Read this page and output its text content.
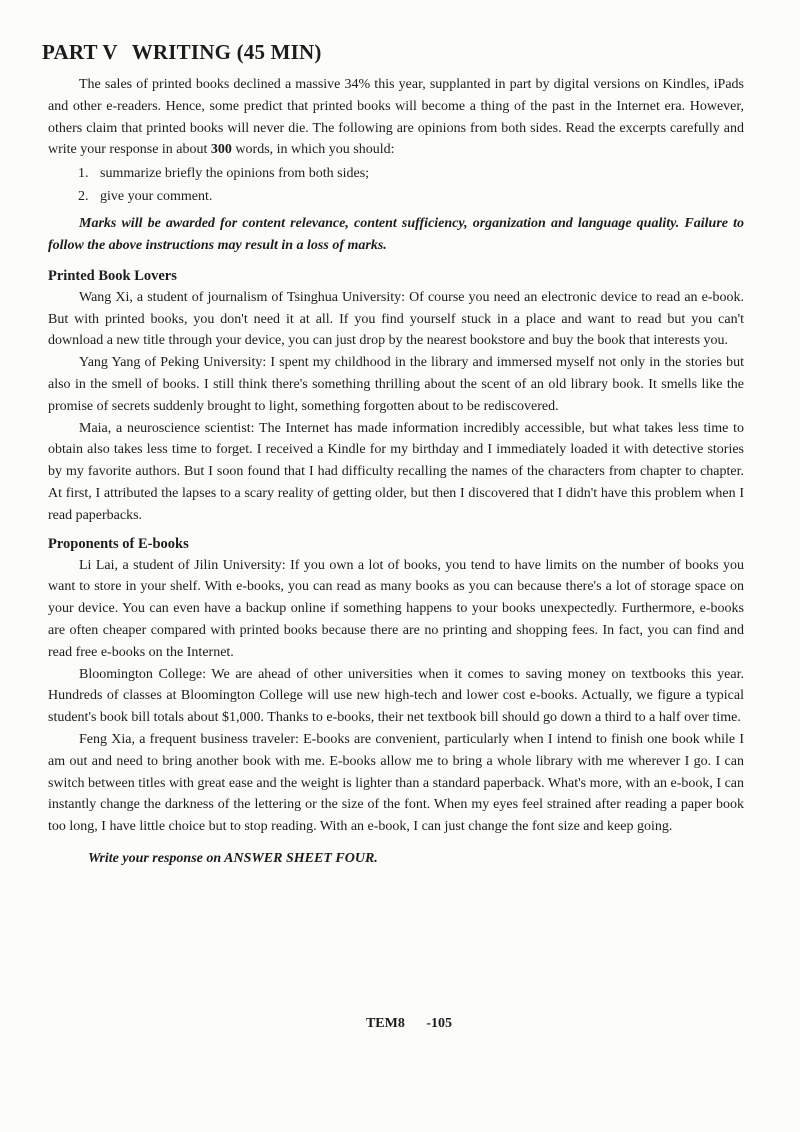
PART V WRITING (45 MIN)

The sales of printed books declined a massive 34% this year, supplanted in part by digital versions on Kindles, iPads and other e-readers. Hence, some predict that printed books will become a thing of the past in the Internet era. However, others claim that printed books will never die. The following are opinions from both sides. Read the excerpts carefully and write your response in about 300 words, in which you should:

1. summarize briefly the opinions from both sides;
2. give your comment.

Marks will be awarded for content relevance, content sufficiency, organization and language quality. Failure to follow the above instructions may result in a loss of marks.

Printed Book Lovers

Wang Xi, a student of journalism of Tsinghua University: Of course you need an electronic device to read an e-book. But with printed books, you don't need it at all. If you find yourself stuck in a place and want to read but you can't download a new title through your device, you can just drop by the nearest bookstore and buy the book that interests you.

Yang Yang of Peking University: I spent my childhood in the library and immersed myself not only in the stories but also in the smell of books. I still think there's something thrilling about the scent of an old library book. It smells like the promise of secrets suddenly brought to light, something forgotten about to be rediscovered.

Maia, a neuroscience scientist: The Internet has made information incredibly accessible, but what takes less time to obtain also takes less time to forget. I received a Kindle for my birthday and I immediately loaded it with detective stories by my favorite authors. But I soon found that I had difficulty recalling the names of the characters from chapter to chapter. At first, I attributed the lapses to a scary reality of getting older, but then I discovered that I didn't have this problem when I read paperbacks.

Proponents of E-books

Li Lai, a student of Jilin University: If you own a lot of books, you tend to have limits on the number of books you want to store in your shelf. With e-books, you can read as many books as you can because there's a lot of storage space on your device. You can even have a backup online if something happens to your books unexpectedly. Furthermore, e-books are often cheaper compared with printed books because there are no printing and shopping fees. In fact, you can find and read free e-books on the Internet.

Bloomington College: We are ahead of other universities when it comes to saving money on textbooks this year. Hundreds of classes at Bloomington College will use new high-tech and lower cost e-books. Actually, we figure a typical student's book bill totals about $1,000. Thanks to e-books, their net textbook bill should go down a third to a half over time.

Feng Xia, a frequent business traveler: E-books are convenient, particularly when I intend to finish one book while I am out and need to bring another book with me. E-books allow me to bring a whole library with me wherever I go. I can switch between titles with great ease and the weight is lighter than a standard paperback. What's more, with an e-book, I can instantly change the darkness of the lettering or the size of the font. When my eyes feel strained after reading a paper book too long, I have little choice but to stop reading. With an e-book, I can just change the font size and keep going.

Write your response on ANSWER SHEET FOUR.
TEM8 -105
